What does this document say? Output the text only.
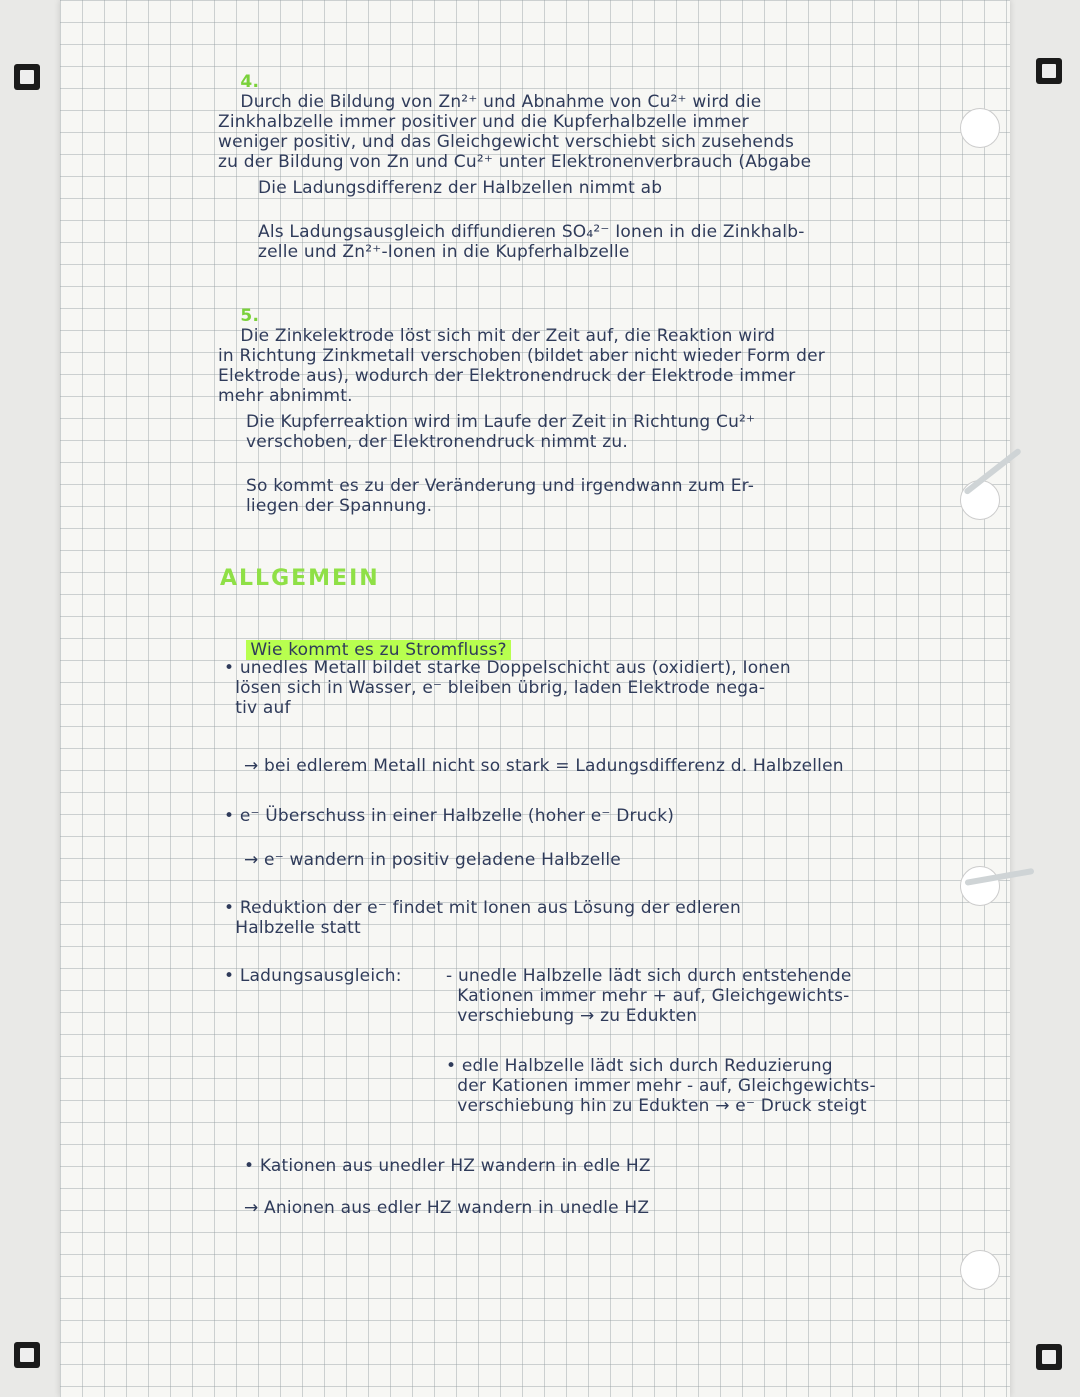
4.
Durch die Bildung von Zn²⁺ und Abnahme von Cu²⁺ wird die
Zinkhalbzelle immer positiver und die Kupferhalbzelle immer
weniger positiv, und das Gleichgewicht verschiebt sich zusehends
zu der Bildung von Zn und Cu²⁺ unter Elektronenverbrauch (Abgabe

Die Ladungsdifferenz der Halbzellen nimmt ab
Als Ladungsausgleich diffundieren SO₄²⁻ Ionen in die Zinkhalb-
zelle und Zn²⁺-Ionen in die Kupferhalbzelle

5.
Die Zinkelektrode löst sich mit der Zeit auf, die Reaktion wird
in Richtung Zinkmetall verschoben (bildet aber nicht wieder Form der
Elektrode aus), wodurch der Elektronendruck der Elektrode immer
mehr abnimmt.

Die Kupferreaktion wird im Laufe der Zeit in Richtung Cu²⁺
verschoben, der Elektronendruck nimmt zu.
So kommt es zu der Veränderung und irgendwann zum Er-
liegen der Spannung.
ALLGEMEIN

Wie kommt es zu Stromfluss?

• unedles Metall bildet starke Doppelschicht aus (oxidiert), Ionen
lösen sich in Wasser, e⁻ bleiben übrig, laden Elektrode nega-
tiv auf
→ bei edlerem Metall nicht so stark = Ladungsdifferenz d. Halbzellen
• e⁻ Überschuss in einer Halbzelle (hoher e⁻ Druck)
→ e⁻ wandern in positiv geladene Halbzelle
• Reduktion der e⁻ findet mit Ionen aus Lösung der edleren
Halbzelle statt
• Ladungsausgleich:	- unedle Halbzelle lädt sich durch entstehende
Kationen immer mehr + auf, Gleichgewichts-
verschiebung → zu Edukten
• edle Halbzelle lädt sich durch Reduzierung
der Kationen immer mehr - auf, Gleichgewichts-
verschiebung hin zu Edukten → e⁻ Druck steigt
• Kationen aus unedler HZ wandern in edle HZ
→ Anionen aus edler HZ wandern in unedle HZ
